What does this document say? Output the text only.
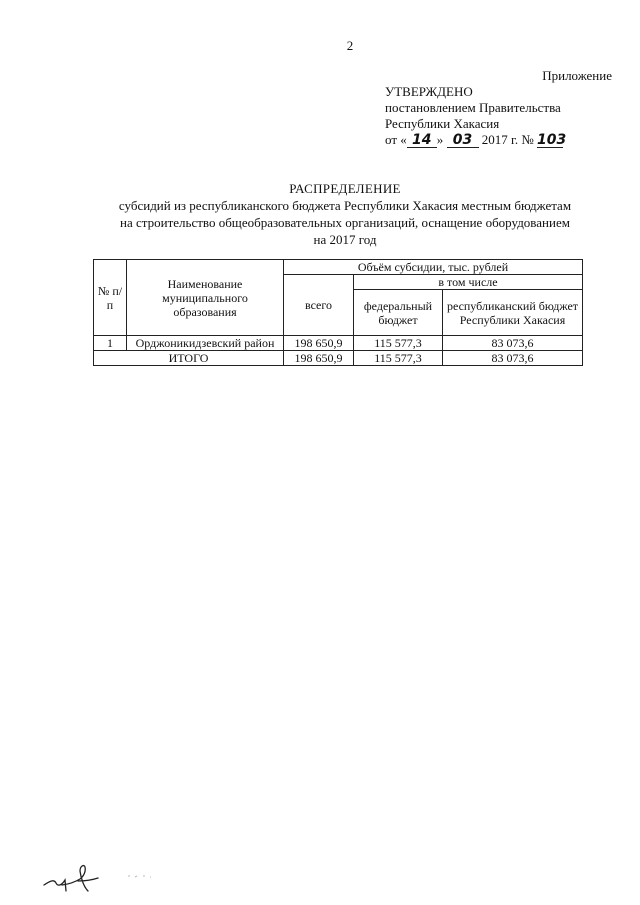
2
Приложение
УТВЕРЖДЕНО
постановлением Правительства
Республики Хакасия
от « 14 » 03 2017 г. № 103
РАСПРЕДЕЛЕНИЕ
субсидий из республиканского бюджета Республики Хакасия местным бюджетам
на строительство общеобразовательных организаций, оснащение оборудованием
на 2017 год
№ п/п	Наименование муниципального образования	Объём субсидии, тыс. рублей		
		всего	в том числе	
			федеральный бюджет	республиканский бюджет Республики Хакасия
1	Орджоникидзевский район	198 650,9	115 577,3	83 073,6
ИТОГО		198 650,9	115 577,3	83 073,6
